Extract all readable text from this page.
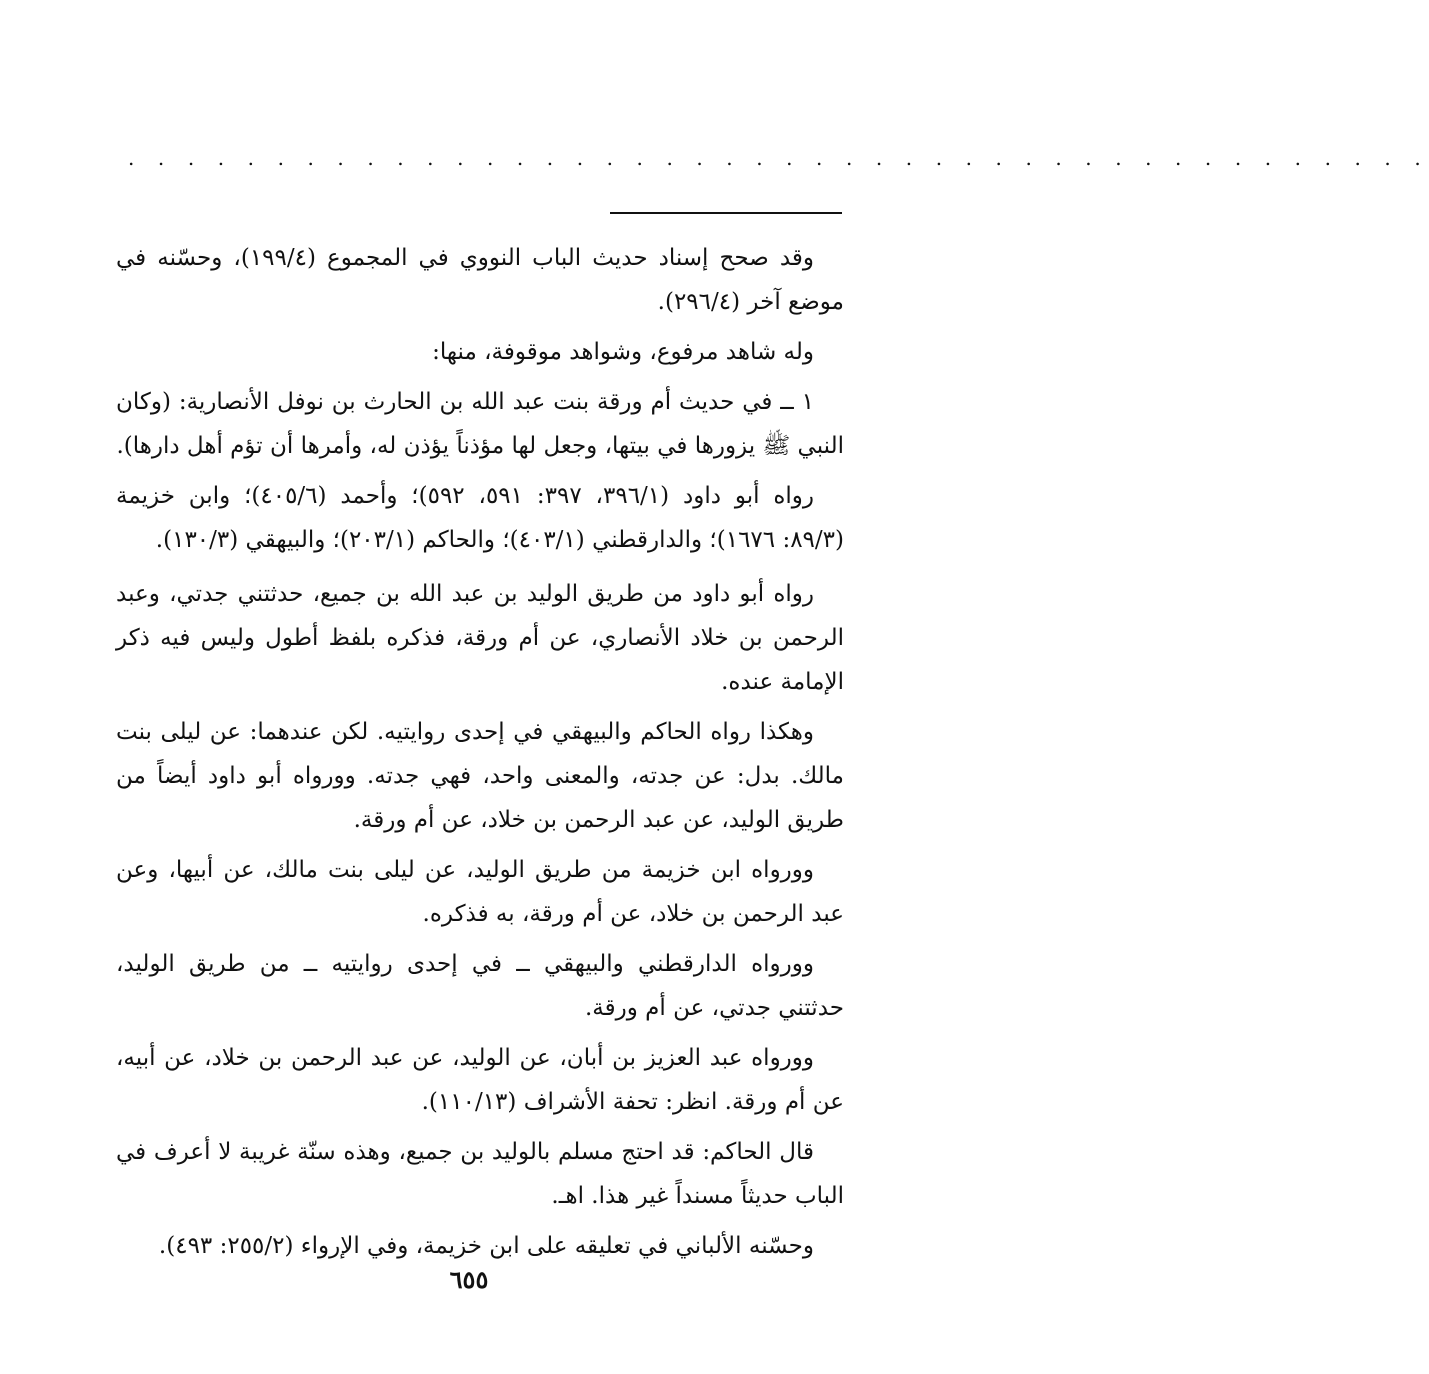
. . . . . . . . . . . . . . . . . . . . . . . . . . . . . . . . . . . . . . . . . . . .

وقد صحح إسناد حديث الباب النووي في المجموع (١٩٩/٤)، وحسّنه في موضع آخر (٢٩٦/٤).

وله شاهد مرفوع، وشواهد موقوفة، منها:

١ ــ في حديث أم ورقة بنت عبد الله بن الحارث بن نوفل الأنصارية: (وكان النبي ﷺ يزورها في بيتها، وجعل لها مؤذناً يؤذن له، وأمرها أن تؤم أهل دارها).

رواه أبو داود (٣٩٦/١، ٣٩٧: ٥٩١، ٥٩٢)؛ وأحمد (٤٠٥/٦)؛ وابن خزيمة (٨٩/٣: ١٦٧٦)؛ والدارقطني (٤٠٣/١)؛ والحاكم (٢٠٣/١)؛ والبيهقي (١٣٠/٣).

رواه أبو داود من طريق الوليد بن عبد الله بن جميع، حدثتني جدتي، وعبد الرحمن بن خلاد الأنصاري، عن أم ورقة، فذكره بلفظ أطول وليس فيه ذكر الإمامة عنده.

وهكذا رواه الحاكم والبيهقي في إحدى روايتيه. لكن عندهما: عن ليلى بنت مالك. بدل: عن جدته، والمعنى واحد، فهي جدته. وورواه أبو داود أيضاً من طريق الوليد، عن عبد الرحمن بن خلاد، عن أم ورقة.

وورواه ابن خزيمة من طريق الوليد، عن ليلى بنت مالك، عن أبيها، وعن عبد الرحمن بن خلاد، عن أم ورقة، به فذكره.

وورواه الدارقطني والبيهقي ــ في إحدى روايتيه ــ من طريق الوليد، حدثتني جدتي، عن أم ورقة.

وورواه عبد العزيز بن أبان، عن الوليد، عن عبد الرحمن بن خلاد، عن أبيه، عن أم ورقة. انظر: تحفة الأشراف (١١٠/١٣).

قال الحاكم: قد احتج مسلم بالوليد بن جميع، وهذه سنّة غريبة لا أعرف في الباب حديثاً مسنداً غير هذا. اهـ.

وحسّنه الألباني في تعليقه على ابن خزيمة، وفي الإرواء (٢٥٥/٢: ٤٩٣).

٦٥٥
